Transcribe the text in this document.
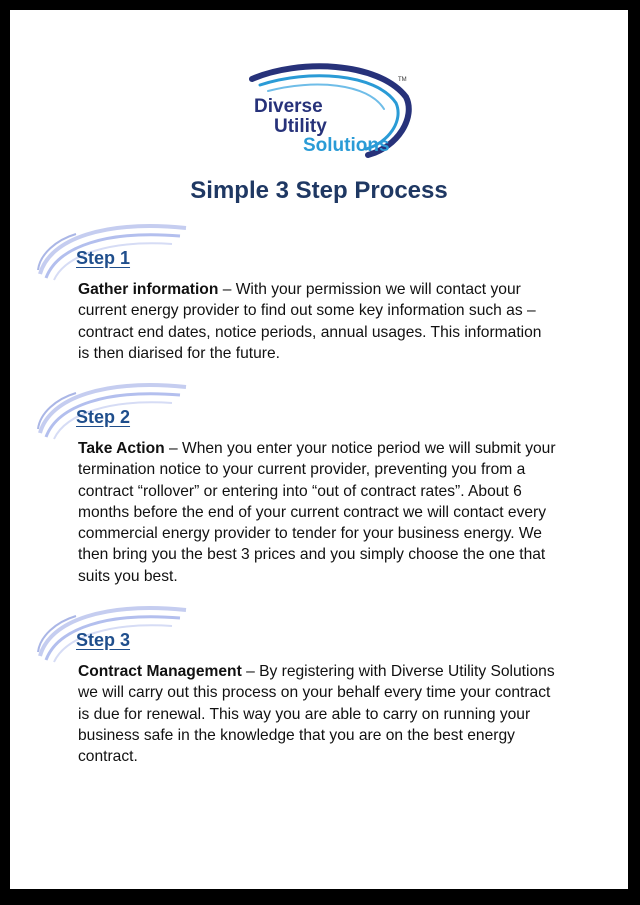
Diverse
Utility
Solutions
TM
Simple 3 Step Process
Step 1
Gather information – With your permission we will contact your current energy provider to find out some key information such as – contract end dates, notice periods, annual usages. This information is then diarised for the future.
Step 2
Take Action – When you enter your notice period we will submit your termination notice to your current provider, preventing you from a contract “rollover” or entering into “out of contract rates”. About 6 months before the end of your current contract we will contact every commercial energy provider to tender for your business energy. We then bring you the best 3 prices and you simply choose the one that suits you best.
Step 3
Contract Management – By registering with Diverse Utility Solutions we will carry out this process on your behalf every time your contract is due for renewal. This way you are able to carry on running your business safe in the knowledge that you are on the best energy contract.
